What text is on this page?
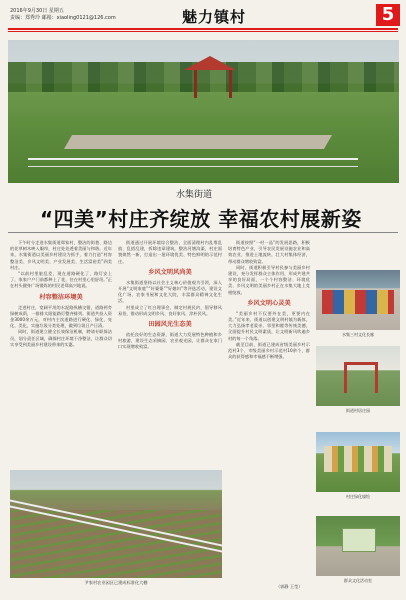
2016年9月30日 星期五
责编：郑秀玲 邮箱：xiaoling0121@126.com	魅力镇村	5
水集街道
“四美”村庄齐绽放 幸福农村展新姿
下午时分走进水集街道郑家村，整洁的街巷、路边的花草树木映入眼帘，村庄处处透着美丽与和谐。近年来，水集街道以美丽乡村建设为抓手，着力打造“村容整洁美、乡风文明美、产业发展美、生活富裕美”四美村庄。
“以前村里脏乱差，现在道路硬化了，路灯安上了，家家户户门前都种上了花，住在村里心里舒坦。”正在村头健身广场锻炼的村民老郑高兴地说。
村容整洁环境美
走进村庄，宽阔平坦的水泥路纵横交错，道路两旁绿树成荫，一排排太阳能路灯整齐排列。街道共投入资金3000余万元，对村内主次道路进行硬化、绿化、亮化、美化，实施垃圾分类处理，做到垃圾日产日清。
同时，街道建立健全长效保洁机制，聘请专职保洁员，划分责任区域，确保村庄环境干净整洁，让群众切实享受到美丽乡村建设带来的实惠。
街道通过开展环境综合整治，全面清理村内乱堆乱放、乱搭乱建，拆除违章建筑，整治河塘沟渠，村庄面貌焕然一新，打造出一批环境优美、特色鲜明的示范村庄。
乡风文明风尚美
水集街道坚持以社会主义核心价值观为引领，深入开展“文明家庭”“好婆婆”“好媳妇”等评选活动，建设文化广场、农家书屋和文化大院，丰富群众精神文化生活。
村里成立了红白理事会，制定村规民约，倡导移风易俗，推动形成文明乡风、良好家风、淳朴民风。
田园风光生态美
依托良好的生态资源，街道大力发展特色种植和乡村旅游，建设生态采摘园、农业观光园，让群众在家门口实现增收致富。
街道按照“一村一品”的发展思路，积极培育特色产业，引导农民发展设施农业和高效农业，推进土地流转，壮大村集体经济，带动群众增收致富。
同时，街道积极引导村民参与美丽乡村建设，充分发挥群众主体作用，形成共建共享的良好局面，一个个村容整洁、环境优美、乡风文明的美丽乡村正在水集大地上竞相绽放。
乡风文明心灵美
“美丽乡村不仅要外在美，更要内在美。”近年来，街道以创建文明村镇为载体，大力弘扬孝老爱亲、邻里和睦等传统美德，全面提升村民文明素质，让文明新风吹遍乡村的每一个角落。
截至目前，街道已建成省级美丽乡村示范村3个、市级美丽乡村示范村10余个，群众的获得感和幸福感不断增强。
水集三村文化长廊
街道村居庄园
村庄绿化墙绘
群众文化活动室
尹家村农业园区已建成标准化大棚
（郭静 王莹）
